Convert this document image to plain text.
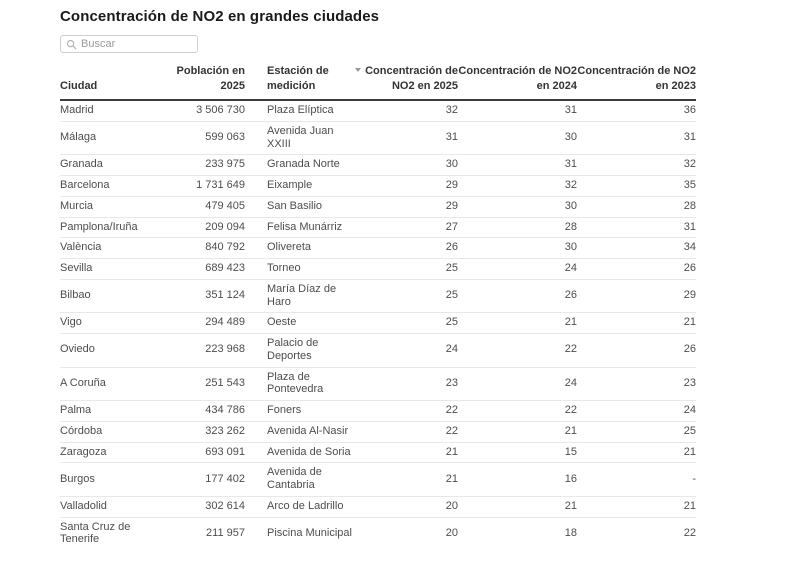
Concentración de NO2 en grandes ciudades
Buscar
Ciudad	Población en 2025	Estación de medición	Concentración de NO2 en 2025	Concentración de NO2 en 2024	Concentración de NO2 en 2023
Madrid	3 506 730	Plaza Elíptica	32	31	36
Málaga	599 063	Avenida Juan XXIII	31	30	31
Granada	233 975	Granada Norte	30	31	32
Barcelona	1 731 649	Eixample	29	32	35
Murcia	479 405	San Basilio	29	30	28
Pamplona/Iruña	209 094	Felisa Munárriz	27	28	31
València	840 792	Olivereta	26	30	34
Sevilla	689 423	Torneo	25	24	26
Bilbao	351 124	María Díaz de Haro	25	26	29
Vigo	294 489	Oeste	25	21	21
Oviedo	223 968	Palacio de Deportes	24	22	26
A Coruña	251 543	Plaza de Pontevedra	23	24	23
Palma	434 786	Foners	22	22	24
Córdoba	323 262	Avenida Al-Nasir	22	21	25
Zaragoza	693 091	Avenida de Soria	21	15	21
Burgos	177 402	Avenida de Cantabria	21	16	-
Valladolid	302 614	Arco de Ladrillo	20	21	21
Santa Cruz de Tenerife	211 957	Piscina Municipal	20	18	22
